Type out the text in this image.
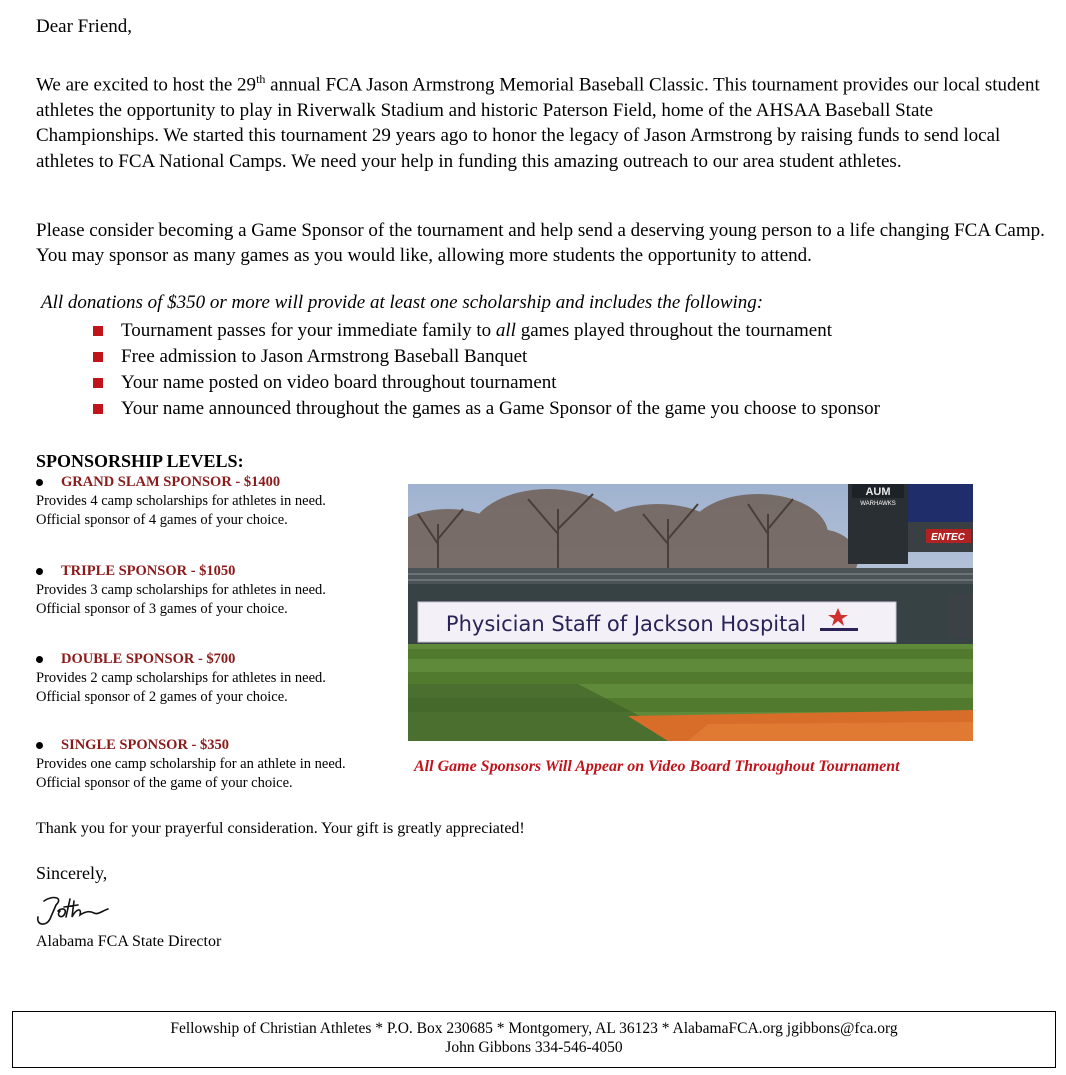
Dear Friend,

We are excited to host the 29th annual FCA Jason Armstrong Memorial Baseball Classic. This tournament provides our local student athletes the opportunity to play in Riverwalk Stadium and historic Paterson Field, home of the AHSAA Baseball State Championships. We started this tournament 29 years ago to honor the legacy of Jason Armstrong by raising funds to send local athletes to FCA National Camps. We need your help in funding this amazing outreach to our area student athletes.

Please consider becoming a Game Sponsor of the tournament and help send a deserving young person to a life changing FCA Camp. You may sponsor as many games as you would like, allowing more students the opportunity to attend.

All donations of $350 or more will provide at least one scholarship and includes the following:

Tournament passes for your immediate family to
all
games played throughout the tournament
Free admission to Jason Armstrong Baseball Banquet
Your name posted on video board throughout tournament
Your name announced throughout the games as a Game Sponsor of the game you choose to sponsor

SPONSORSHIP LEVELS:

GRAND SLAM SPONSOR - $1400
Provides 4 camp scholarships for athletes in need.
Official sponsor of 4 games of your choice.
TRIPLE SPONSOR - $1050
Provides 3 camp scholarships for athletes in need.
Official sponsor of 3 games of your choice.
DOUBLE SPONSOR - $700
Provides 2 camp scholarships for athletes in need.
Official sponsor of 2 games of your choice.
SINGLE SPONSOR - $350
Provides one camp scholarship for an athlete in need.
Official sponsor of the game of your choice.
AUM
WARHAWKS
ENTEC
Physician Staff of Jackson Hospital

All Game Sponsors Will Appear on Video Board Throughout Tournament

Thank you for your prayerful consideration. Your gift is greatly appreciated!

Sincerely,

Alabama FCA State Director

Fellowship of Christian Athletes * P.O. Box 230685 * Montgomery, AL 36123 * AlabamaFCA.org jgibbons@fca.org
John Gibbons 334-546-4050
